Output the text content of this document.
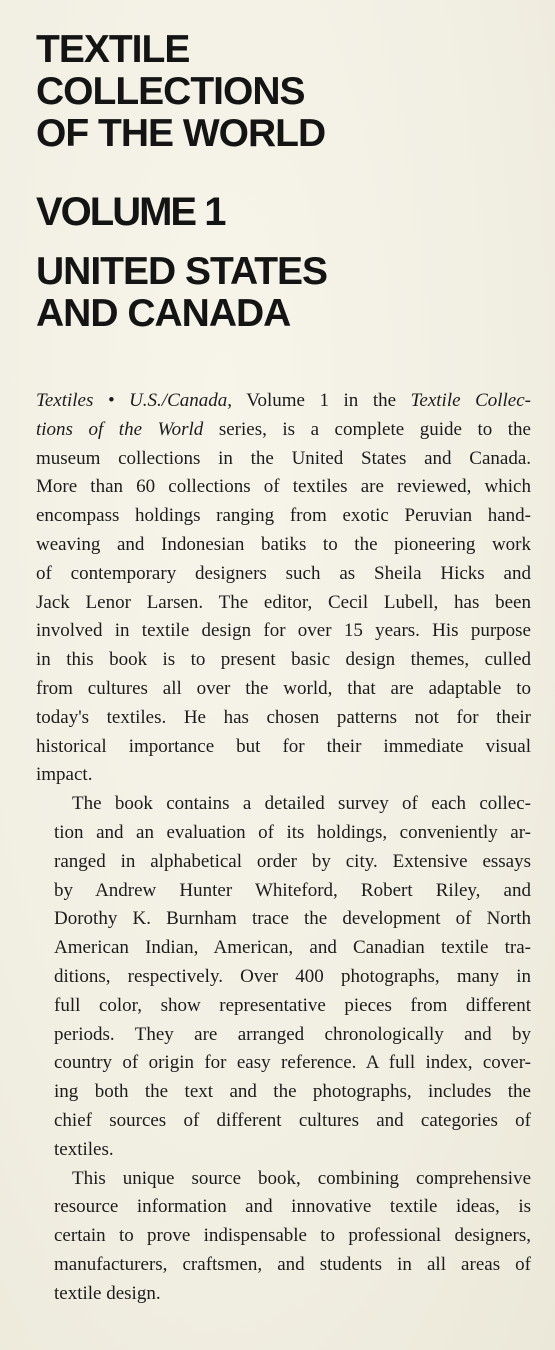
TEXTILE
COLLECTIONS
OF THE WORLD
VOLUME 1
UNITED STATES
AND CANADA

Textiles • U.S./Canada, Volume 1 in the Textile Collec-
tions of the World series, is a complete guide to the
museum collections in the United States and Canada.
More than 60 collections of textiles are reviewed, which
encompass holdings ranging from exotic Peruvian hand-
weaving and Indonesian batiks to the pioneering work
of contemporary designers such as Sheila Hicks and
Jack Lenor Larsen. The editor, Cecil Lubell, has been
involved in textile design for over 15 years. His purpose
in this book is to present basic design themes, culled
from cultures all over the world, that are adaptable to
today's textiles. He has chosen patterns not for their
historical importance but for their immediate visual
impact.

The book contains a detailed survey of each collec-
tion and an evaluation of its holdings, conveniently ar-
ranged in alphabetical order by city. Extensive essays
by Andrew Hunter Whiteford, Robert Riley, and
Dorothy K. Burnham trace the development of North
American Indian, American, and Canadian textile tra-
ditions, respectively. Over 400 photographs, many in
full color, show representative pieces from different
periods. They are arranged chronologically and by
country of origin for easy reference. A full index, cover-
ing both the text and the photographs, includes the
chief sources of different cultures and categories of
textiles.

This unique source book, combining comprehensive
resource information and innovative textile ideas, is
certain to prove indispensable to professional designers,
manufacturers, craftsmen, and students in all areas of
textile design.
